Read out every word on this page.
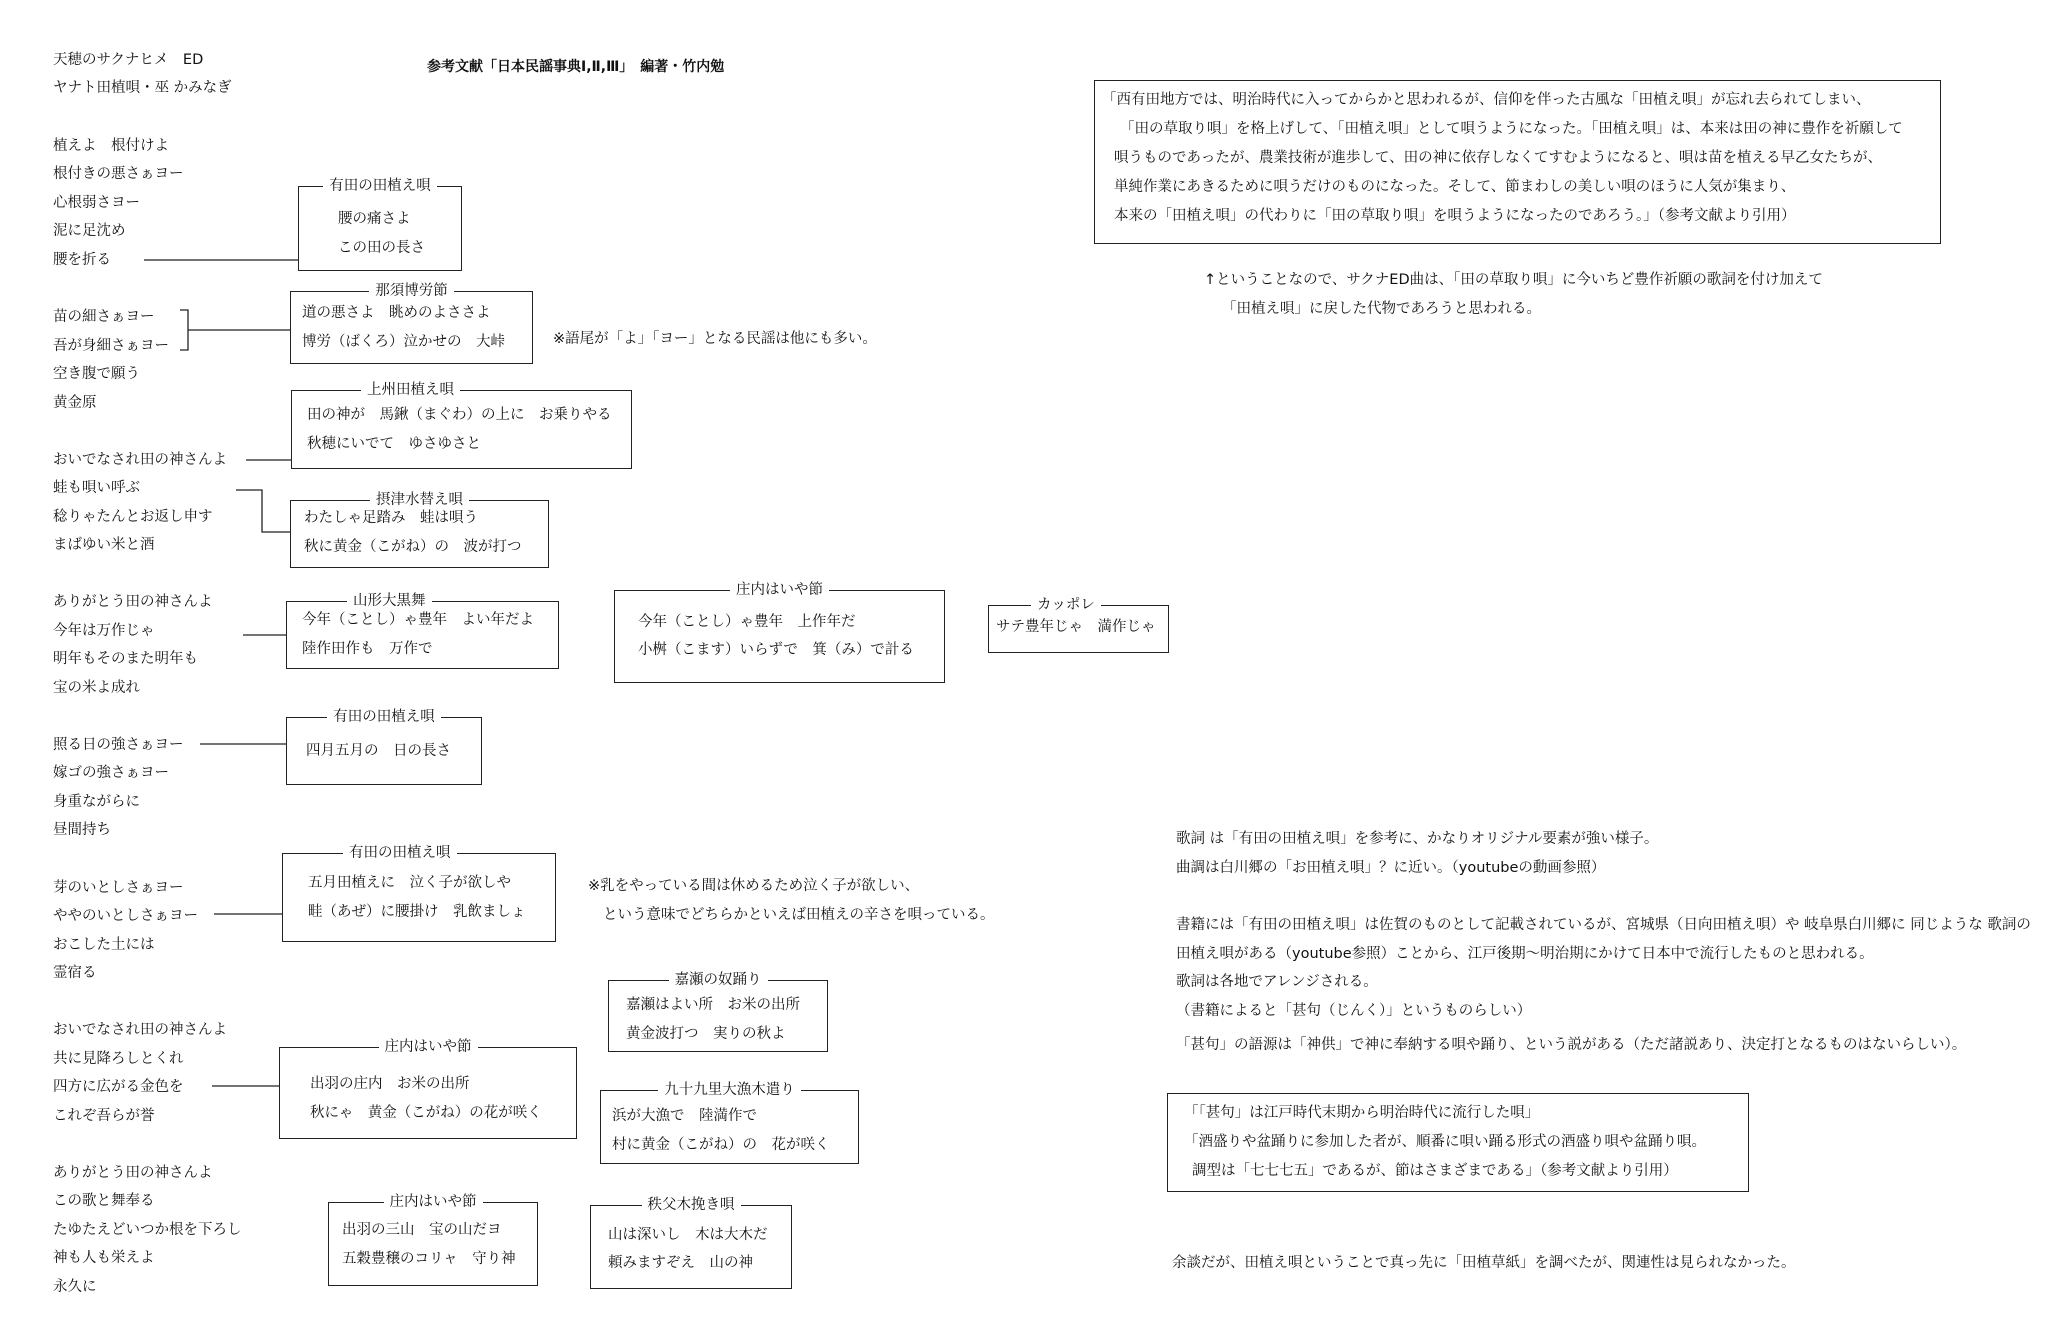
天穂のサクナヒメ　ED
ヤナト田植唄・巫 かみなぎ
参考文献「日本民謡事典Ⅰ,Ⅱ,Ⅲ」　編著・竹内勉
植えよ　根付けよ
根付きの悪さぁヨー
心根弱さヨー
泥に足沈め
腰を折る
苗の細さぁヨー
吾が身細さぁヨー
空き腹で願う
黄金原
おいでなされ田の神さんよ
蛙も唄い呼ぶ
稔りゃたんとお返し申す
まばゆい米と酒
ありがとう田の神さんよ
今年は万作じゃ
明年もそのまた明年も
宝の米よ成れ
照る日の強さぁヨー
嫁ゴの強さぁヨー
身重ながらに
昼間持ち
芽のいとしさぁヨー
ややのいとしさぁヨー
おこした土には
霊宿る
おいでなされ田の神さんよ
共に見降ろしとくれ
四方に広がる金色を
これぞ吾らが誉
ありがとう田の神さんよ
この歌と舞奉る
たゆたえどいつか根を下ろし
神も人も栄えよ
永久に
有田の田植え唄
腰の痛さよ
この田の長さ
那須博労節
道の悪さよ　眺めのよささよ
博労（ばくろ）泣かせの　大峠
上州田植え唄
田の神が　馬鍬（まぐわ）の上に　お乗りやる
秋穂にいでて　ゆさゆさと
摂津水替え唄
わたしゃ足踏み　蛙は唄う
秋に黄金（こがね）の　波が打つ
山形大黒舞
今年（ことし）ゃ豊年　よい年だよ
陸作田作も　万作で
庄内はいや節
今年（ことし）ゃ豊年　上作年だ
小桝（こます）いらずで　箕（み）で計る
カッポレ
サテ豊年じゃ　満作じゃ
有田の田植え唄
四月五月の　日の長さ
有田の田植え唄
五月田植えに　泣く子が欲しや
畦（あぜ）に腰掛け　乳飲ましょ
嘉瀬の奴踊り
嘉瀬はよい所　お米の出所
黄金波打つ　実りの秋よ
庄内はいや節
出羽の庄内　お米の出所
秋にゃ　黄金（こがね）の花が咲く
九十九里大漁木遣り
浜が大漁で　陸満作で
村に黄金（こがね）の　花が咲く
庄内はいや節
出羽の三山　宝の山だヨ
五穀豊穣のコリャ　守り神
秩父木挽き唄
山は深いし　木は大木だ
頼みますぞえ　山の神
※語尾が「よ」「ヨー」となる民謡は他にも多い。
※乳をやっている間は休めるため泣く子が欲しい、
という意味でどちらかといえば田植えの辛さを唄っている。
「西有田地方では、明治時代に入ってからかと思われるが、信仰を伴った古風な「田植え唄」が忘れ去られてしまい、
「田の草取り唄」を格上げして、「田植え唄」として唄うようになった。「田植え唄」は、本来は田の神に豊作を祈願して
唄うものであったが、農業技術が進歩して、田の神に依存しなくてすむようになると、唄は苗を植える早乙女たちが、
単純作業にあきるために唄うだけのものになった。そして、節まわしの美しい唄のほうに人気が集まり、
本来の「田植え唄」の代わりに「田の草取り唄」を唄うようになったのであろう。」（参考文献より引用）
↑ということなので、サクナED曲は、「田の草取り唄」に今いちど豊作祈願の歌詞を付け加えて
「田植え唄」に戻した代物であろうと思われる。
歌詞 は「有田の田植え唄」を参考に、かなりオリジナル要素が強い様子。
曲調は白川郷の「お田植え唄」？に近い。（youtubeの動画参照）
書籍には「有田の田植え唄」は佐賀のものとして記載されているが、宮城県（日向田植え唄）や 岐阜県白川郷に 同じような 歌詞の
田植え唄がある（youtube参照）ことから、江戸後期～明治期にかけて日本中で流行したものと思われる。
歌詞は各地でアレンジされる。
（書籍によると「甚句（じんく）」というものらしい）
「甚句」の語源は「神供」で神に奉納する唄や踊り、という説がある（ただ諸説あり、決定打となるものはないらしい）。
「「甚句」は江戸時代末期から明治時代に流行した唄」
「酒盛りや盆踊りに参加した者が、順番に唄い踊る形式の酒盛り唄や盆踊り唄。
調型は「七七七五」であるが、節はさまざまである」（参考文献より引用）
余談だが、田植え唄ということで真っ先に「田植草紙」を調べたが、関連性は見られなかった。
